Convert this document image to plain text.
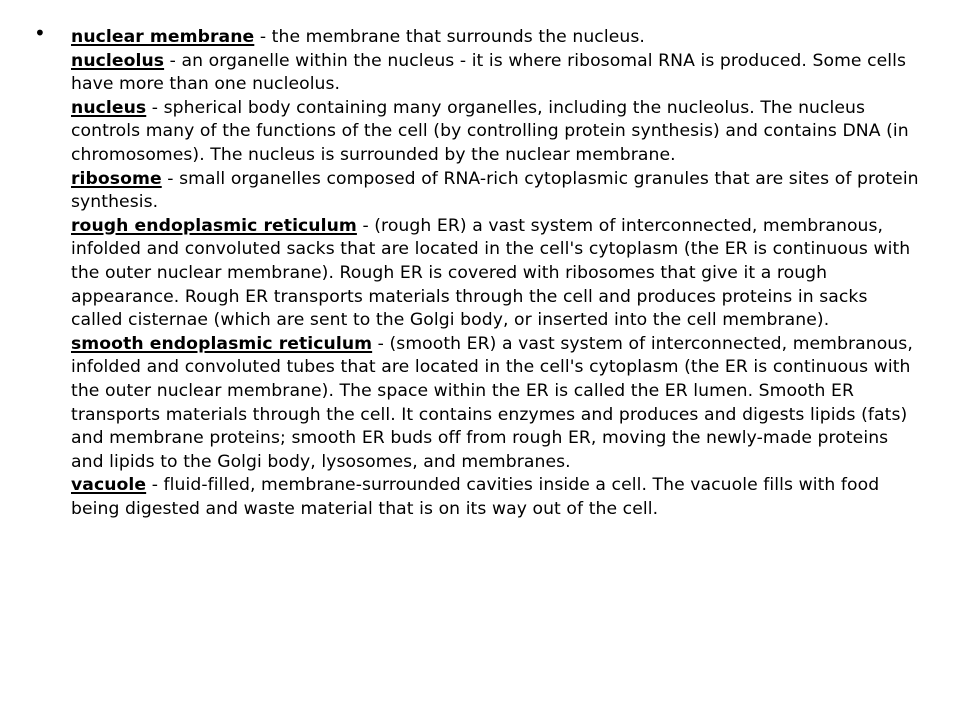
• nuclear membrane - the membrane that surrounds the nucleus.

nucleolus - an organelle within the nucleus - it is where ribosomal RNA is produced. Some cells have more than one nucleolus.

nucleus - spherical body containing many organelles, including the nucleolus. The nucleus controls many of the functions of the cell (by controlling protein synthesis) and contains DNA (in chromosomes). The nucleus is surrounded by the nuclear membrane.

ribosome - small organelles composed of RNA-rich cytoplasmic granules that are sites of protein synthesis.

rough endoplasmic reticulum - (rough ER) a vast system of interconnected, membranous, infolded and convoluted sacks that are located in the cell's cytoplasm (the ER is continuous with the outer nuclear membrane). Rough ER is covered with ribosomes that give it a rough appearance. Rough ER transports materials through the cell and produces proteins in sacks called cisternae (which are sent to the Golgi body, or inserted into the cell membrane).

smooth endoplasmic reticulum - (smooth ER) a vast system of interconnected, membranous, infolded and convoluted tubes that are located in the cell's cytoplasm (the ER is continuous with the outer nuclear membrane). The space within the ER is called the ER lumen. Smooth ER transports materials through the cell. It contains enzymes and produces and digests lipids (fats) and membrane proteins; smooth ER buds off from rough ER, moving the newly-made proteins and lipids to the Golgi body, lysosomes, and membranes.

vacuole - fluid-filled, membrane-surrounded cavities inside a cell. The vacuole fills with food being digested and waste material that is on its way out of the cell.
